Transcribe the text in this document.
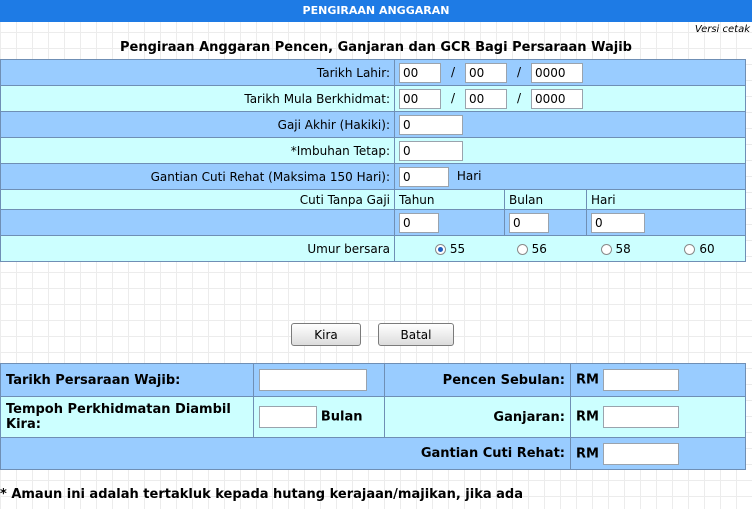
PENGIRAAN ANGGARAN
Versi cetak
Pengiraan Anggaran Pencen, Ganjaran dan GCR Bagi Persaraan Wajib
Tarikh Lahir:	00/00 /0000
Tarikh Mula Berkhidmat:	00/00 /0000
Gaji Akhir (Hakiki):	0
*Imbuhan Tetap:	0
Gantian Cuti Rehat (Maksima 150 Hari):	0Hari
Cuti Tanpa Gaji	Tahun	Bulan	Hari
	0	0	0
Umur bersara	55 56 58 60		
Kira	Batal
Tarikh Persaraan Wajib:		Pencen Sebulan:	RM
Tempoh Perkhidmatan Diambil Kira:	Bulan	Ganjaran:	RM
Gantian Cuti Rehat:			RM
* Amaun ini adalah tertakluk kepada hutang kerajaan/majikan, jika ada
